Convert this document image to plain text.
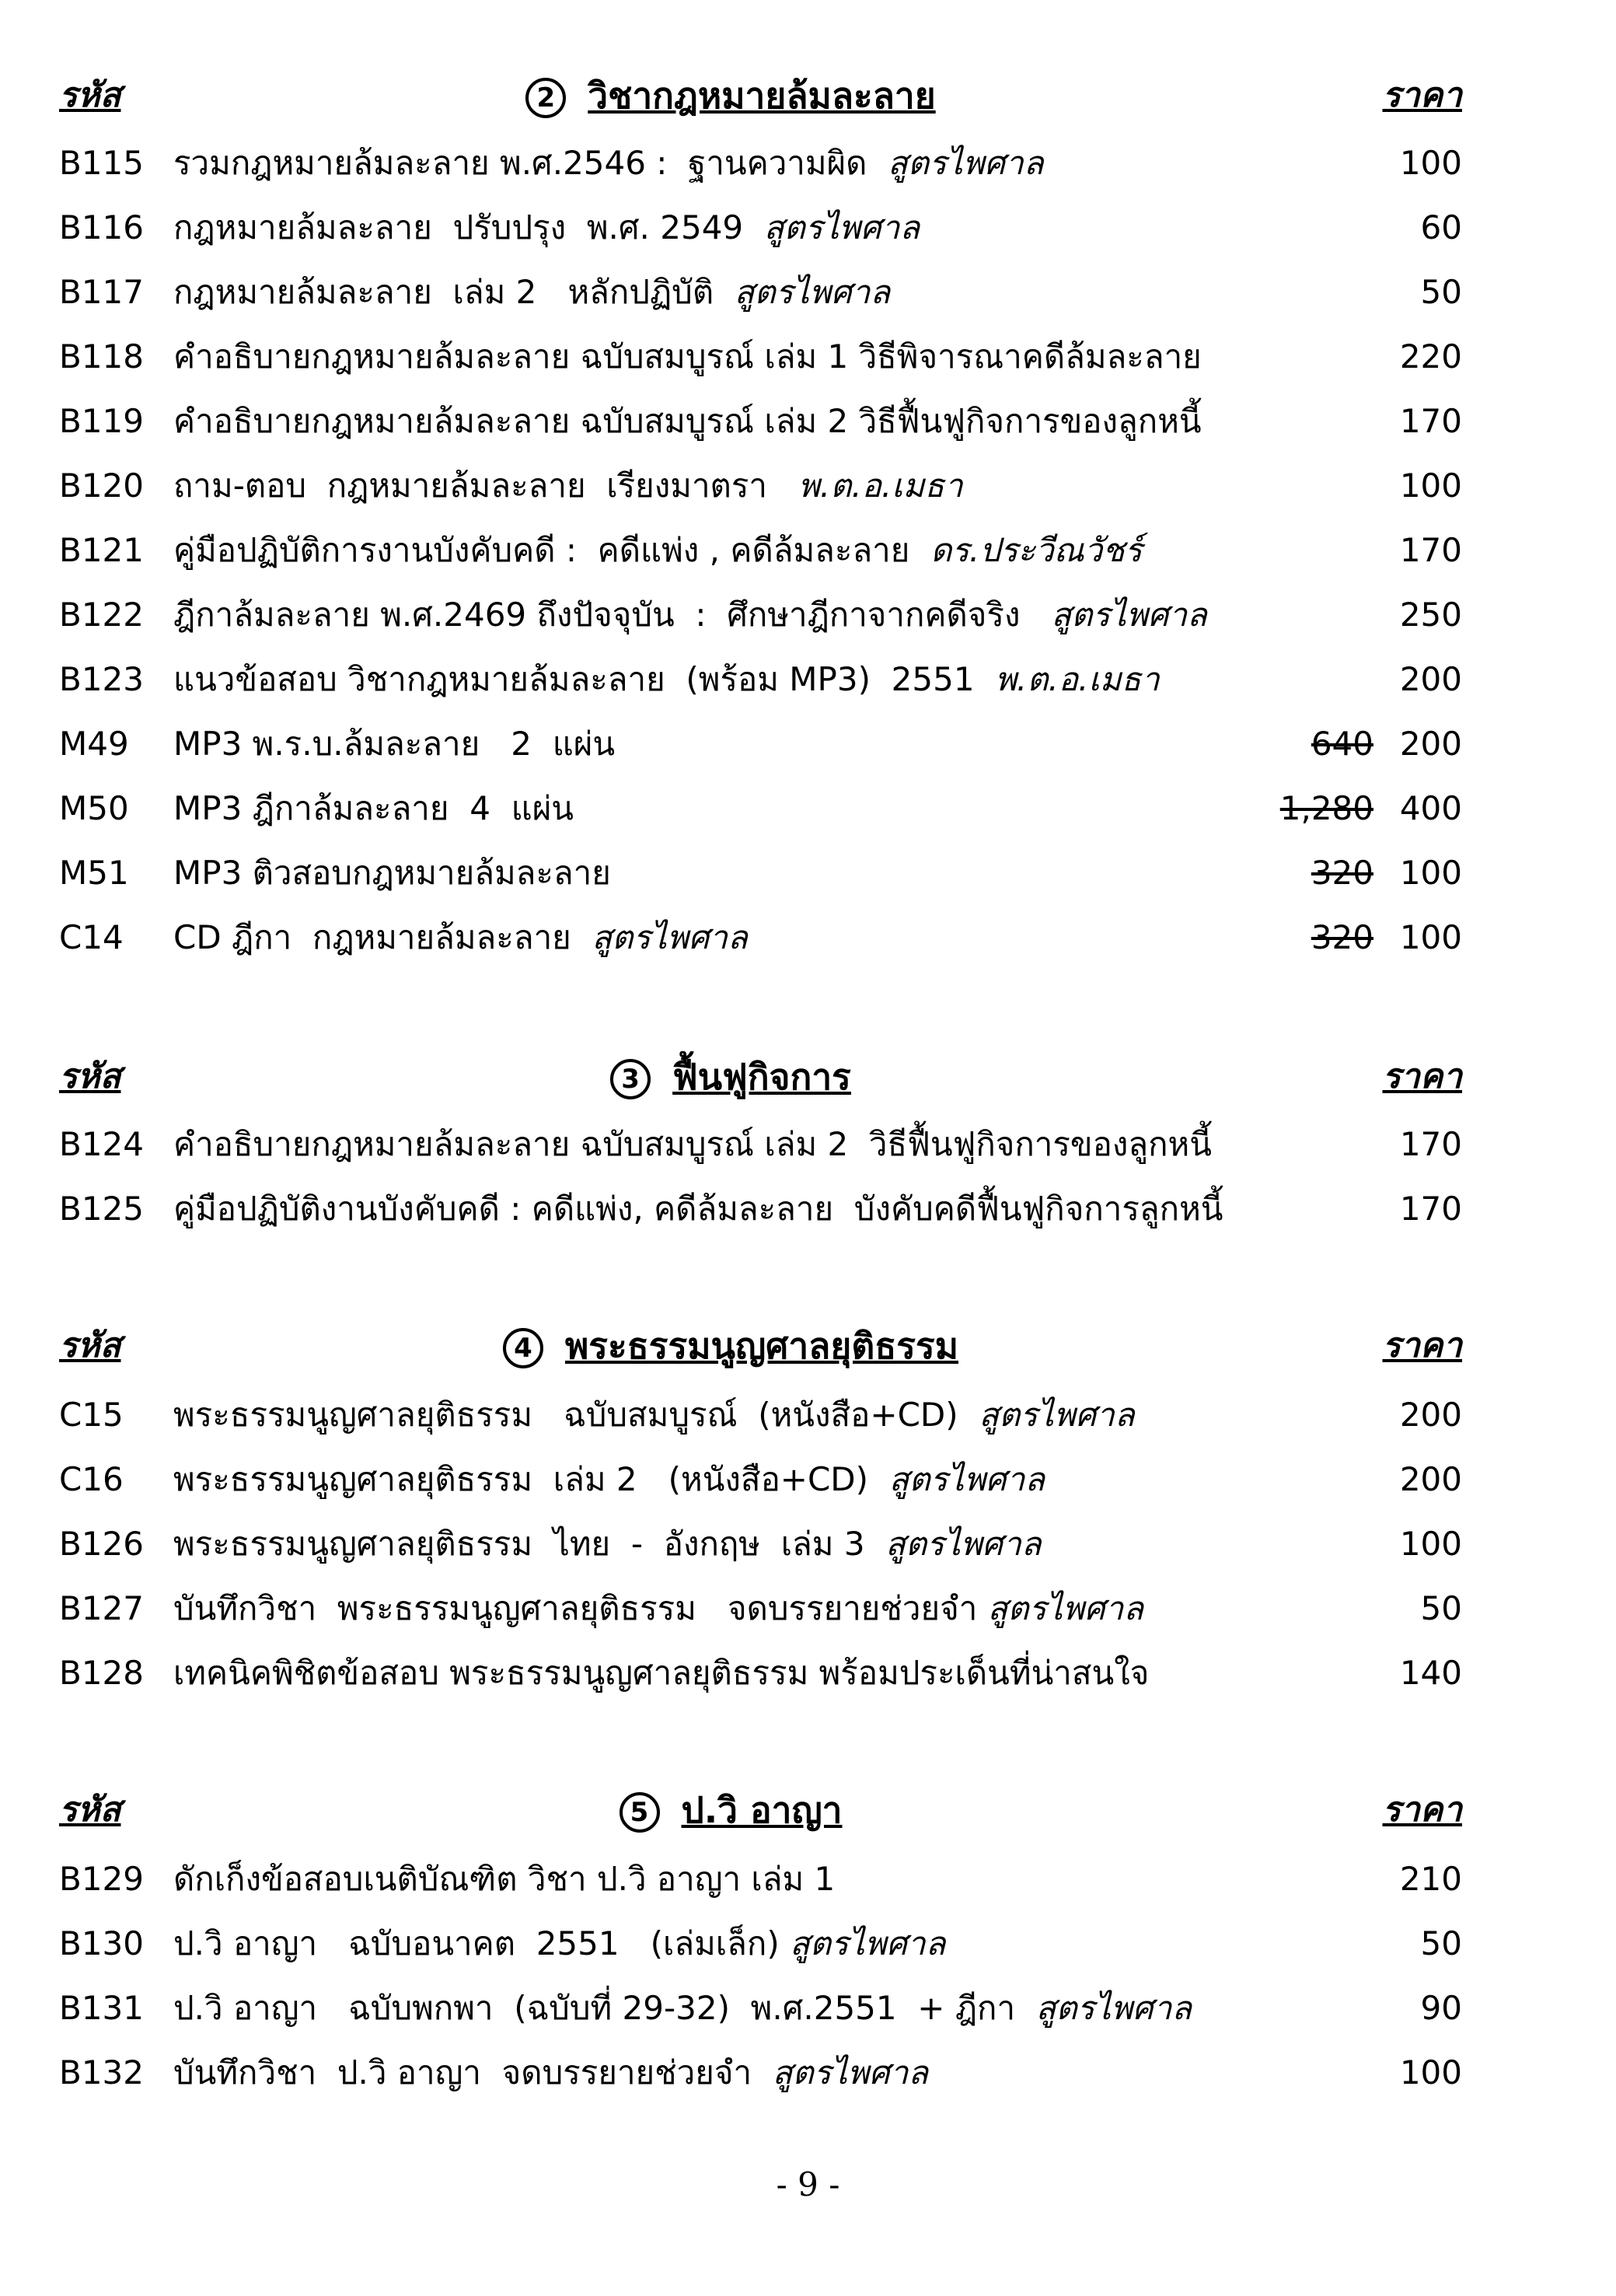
รหัส	2 วิชากฎหมายล้มละลาย	ราคา
B115 รวมกฎหมายล้มละลาย พ.ศ.2546 :  ฐานความผิด  สูตรไพศาล	100
B116 กฎหมายล้มละลาย  ปรับปรุง  พ.ศ. 2549  สูตรไพศาล	60
B117 กฎหมายล้มละลาย  เล่ม 2   หลักปฏิบัติ  สูตรไพศาล	50
B118 คำอธิบายกฎหมายล้มละลาย ฉบับสมบูรณ์ เล่ม 1 วิธีพิจารณาคดีล้มละลาย	220
B119 คำอธิบายกฎหมายล้มละลาย ฉบับสมบูรณ์ เล่ม 2 วิธีฟื้นฟูกิจการของลูกหนี้	170
B120 ถาม-ตอบ  กฎหมายล้มละลาย  เรียงมาตรา   พ.ต.อ.เมธา	100
B121 คู่มือปฏิบัติการงานบังคับคดี :  คดีแพ่ง , คดีล้มละลาย  ดร.ประวีณวัชร์	170
B122 ฎีกาล้มละลาย พ.ศ.2469 ถึงปัจจุบัน  :  ศึกษาฎีกาจากคดีจริง   สูตรไพศาล	250
B123 แนวข้อสอบ วิชากฎหมายล้มละลาย  (พร้อม MP3)  2551  พ.ต.อ.เมธา	200
M49 MP3 พ.ร.บ.ล้มละลาย   2  แผ่น	640 200
M50 MP3 ฎีกาล้มละลาย  4  แผ่น	1,280 400
M51 MP3 ติวสอบกฎหมายล้มละลาย	320 100
C14 CD ฎีกา  กฎหมายล้มละลาย  สูตรไพศาล	320 100
รหัส	3 ฟื้นฟูกิจการ	ราคา
B124 คำอธิบายกฎหมายล้มละลาย ฉบับสมบูรณ์ เล่ม 2  วิธีฟื้นฟูกิจการของลูกหนี้	170
B125 คู่มือปฏิบัติงานบังคับคดี : คดีแพ่ง, คดีล้มละลาย  บังคับคดีฟื้นฟูกิจการลูกหนี้	170
รหัส	4 พระธรรมนูญศาลยุติธรรม	ราคา
C15 พระธรรมนูญศาลยุติธรรม   ฉบับสมบูรณ์  (หนังสือ+CD)  สูตรไพศาล	200
C16 พระธรรมนูญศาลยุติธรรม  เล่ม 2   (หนังสือ+CD)  สูตรไพศาล	200
B126 พระธรรมนูญศาลยุติธรรม  ไทย  -  อังกฤษ  เล่ม 3  สูตรไพศาล	100
B127 บันทึกวิชา  พระธรรมนูญศาลยุติธรรม   จดบรรยายช่วยจำ สูตรไพศาล	50
B128 เทคนิคพิชิตข้อสอบ พระธรรมนูญศาลยุติธรรม พร้อมประเด็นที่น่าสนใจ	140
รหัส	5 ป.วิ อาญา	ราคา
B129 ดักเก็งข้อสอบเนติบัณฑิต วิชา ป.วิ อาญา เล่ม 1	210
B130 ป.วิ อาญา   ฉบับอนาคต  2551   (เล่มเล็ก) สูตรไพศาล	50
B131 ป.วิ อาญา   ฉบับพกพา  (ฉบับที่ 29-32)  พ.ศ.2551  + ฎีกา  สูตรไพศาล	90
B132 บันทึกวิชา  ป.วิ อาญา  จดบรรยายช่วยจำ  สูตรไพศาล	100
- 9 -
